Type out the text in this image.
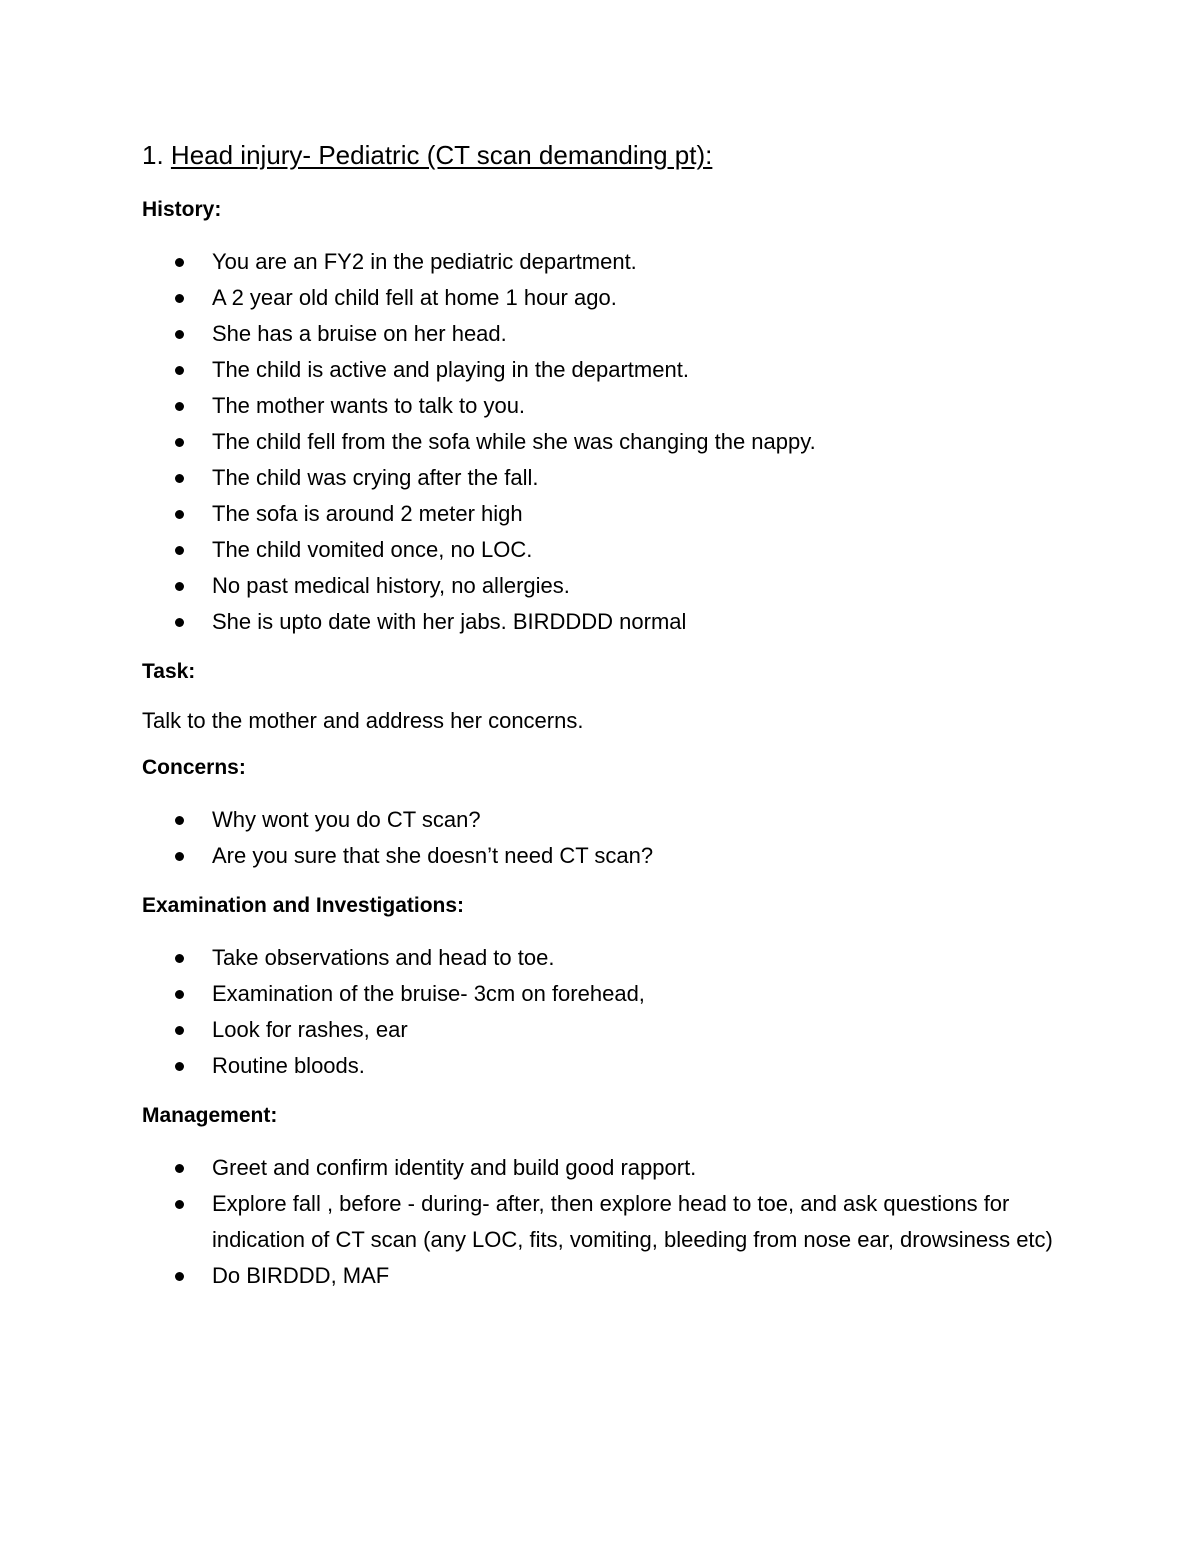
1. Head injury- Pediatric (CT scan demanding pt):
History:
You are an FY2 in the pediatric department.
A 2 year old child fell at home 1 hour ago.
She has a bruise on her head.
The child is active and playing in the department.
The mother wants to talk to you.
The child fell from the sofa while she was changing the nappy.
The child was crying after the fall.
The sofa is around 2 meter high
The child vomited once, no LOC.
No past medical history, no allergies.
She is upto date with her jabs. BIRDDDD normal
Task:

Talk to the mother and address her concerns.

Concerns:
Why wont you do CT scan?
Are you sure that she doesn’t need CT scan?
Examination and Investigations:
Take observations and head to toe.
Examination of the bruise- 3cm on forehead,
Look for rashes, ear
Routine bloods.
Management:
Greet and confirm identity and build good rapport.
Explore fall , before - during- after, then explore head to toe, and ask questions for indication of CT scan (any LOC, fits, vomiting, bleeding from nose ear, drowsiness etc)
Do BIRDDD, MAF
